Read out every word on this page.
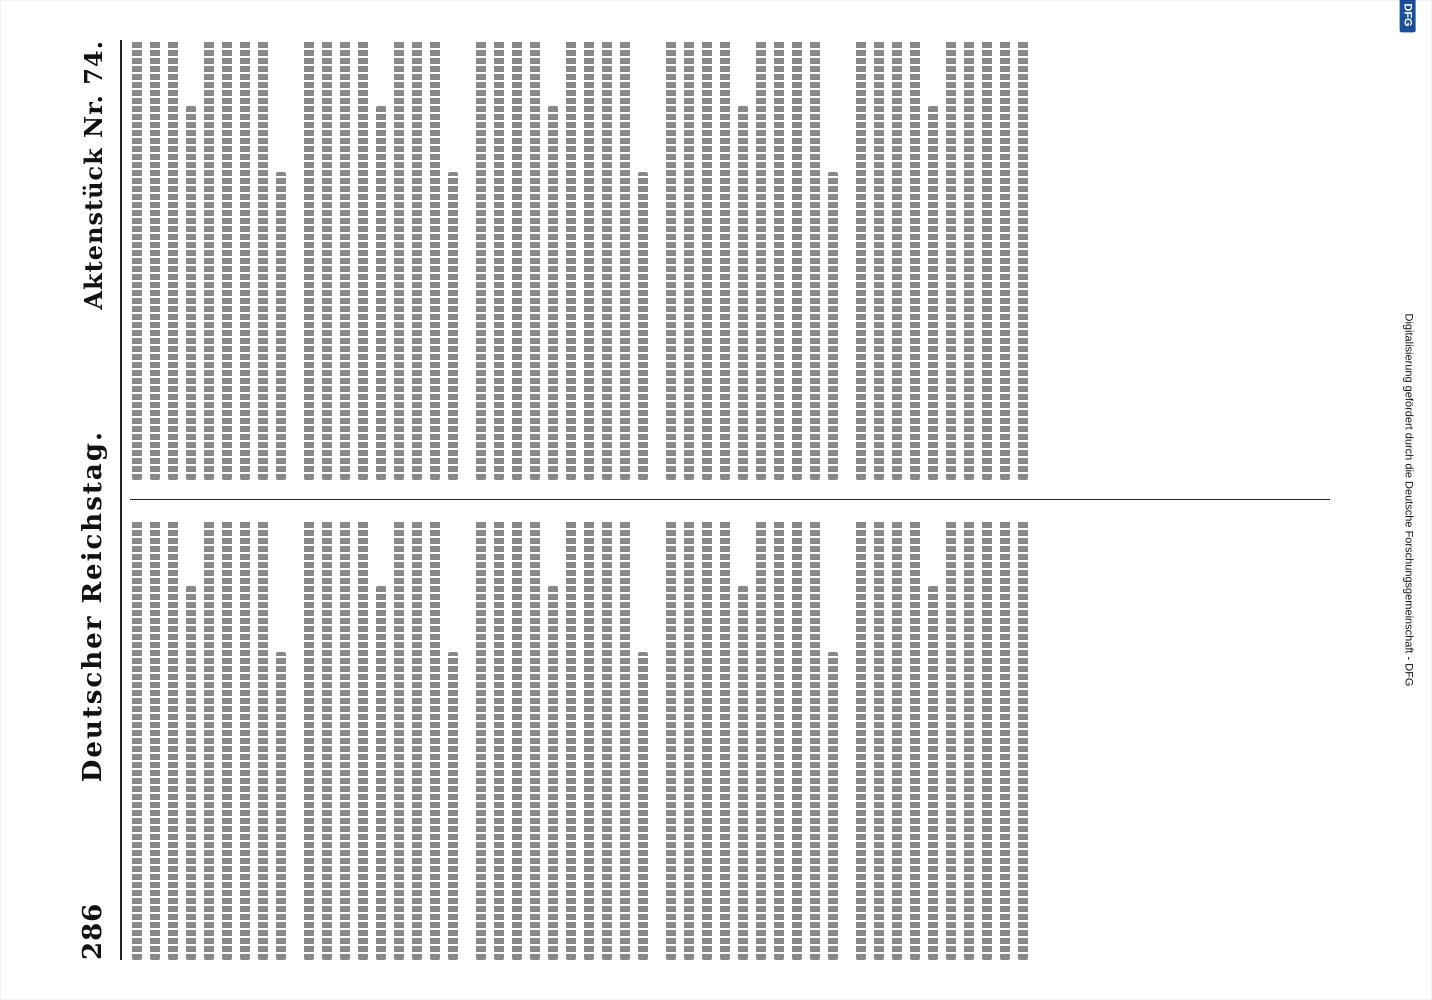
286
Deutscher Reichstag.
Aktenstück Nr. 74.
Digitalisierung gefördert durch die Deutsche Forschungsgemeinschaft - DFG
DFG
